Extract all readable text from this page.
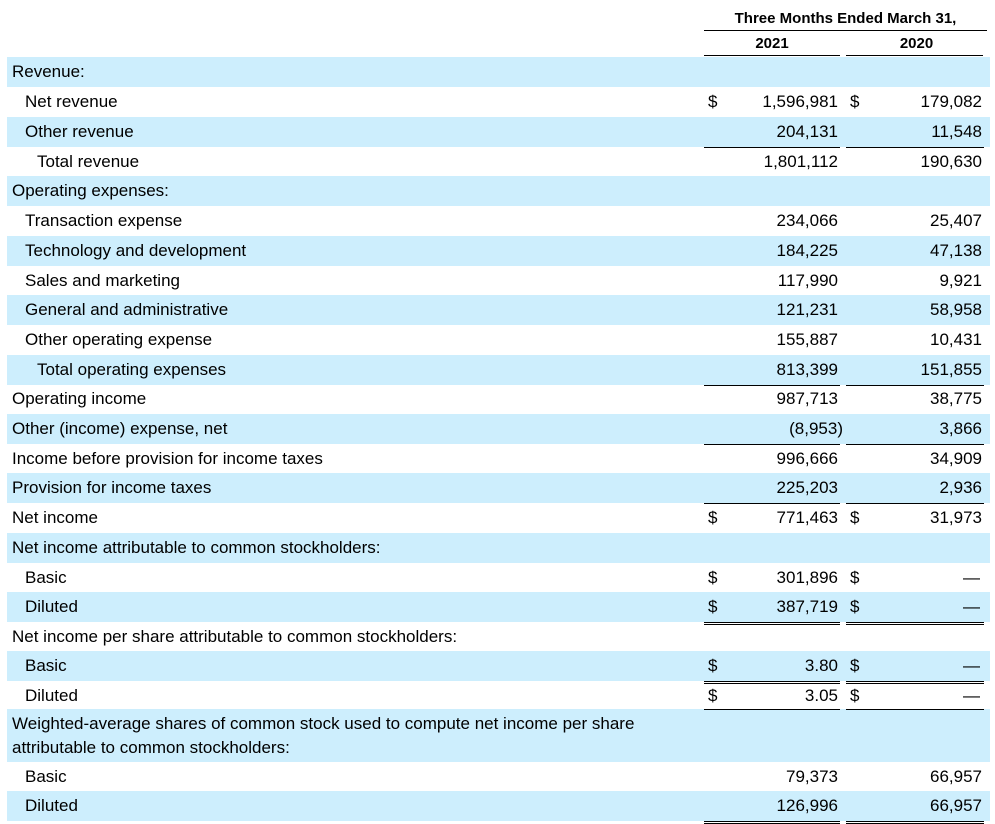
Three Months Ended March 31,
2021	2020
Revenue:
Net revenue	$	1,596,981 $	179,082
Other revenue	204,131	11,548
Total revenue	1,801,112	190,630
Operating expenses:
Transaction expense	234,066	25,407
Technology and development	184,225	47,138
Sales and marketing	117,990	9,921
General and administrative	121,231	58,958
Other operating expense	155,887	10,431
Total operating expenses	813,399	151,855
Operating income	987,713	38,775
Other (income) expense, net	(8,953)	3,866
Income before provision for income taxes	996,666	34,909
Provision for income taxes	225,203	2,936
Net income	$	771,463 $	31,973
Net income attributable to common stockholders:
Basic	$	301,896 $	—
Diluted	$	387,719 $	—
Net income per share attributable to common stockholders:
Basic	$	3.80 $	—
Diluted	$	3.05 $	—
Weighted-average shares of common stock used to compute net income per share attributable to common stockholders:
Basic	79,373	66,957
Diluted	126,996	66,957
